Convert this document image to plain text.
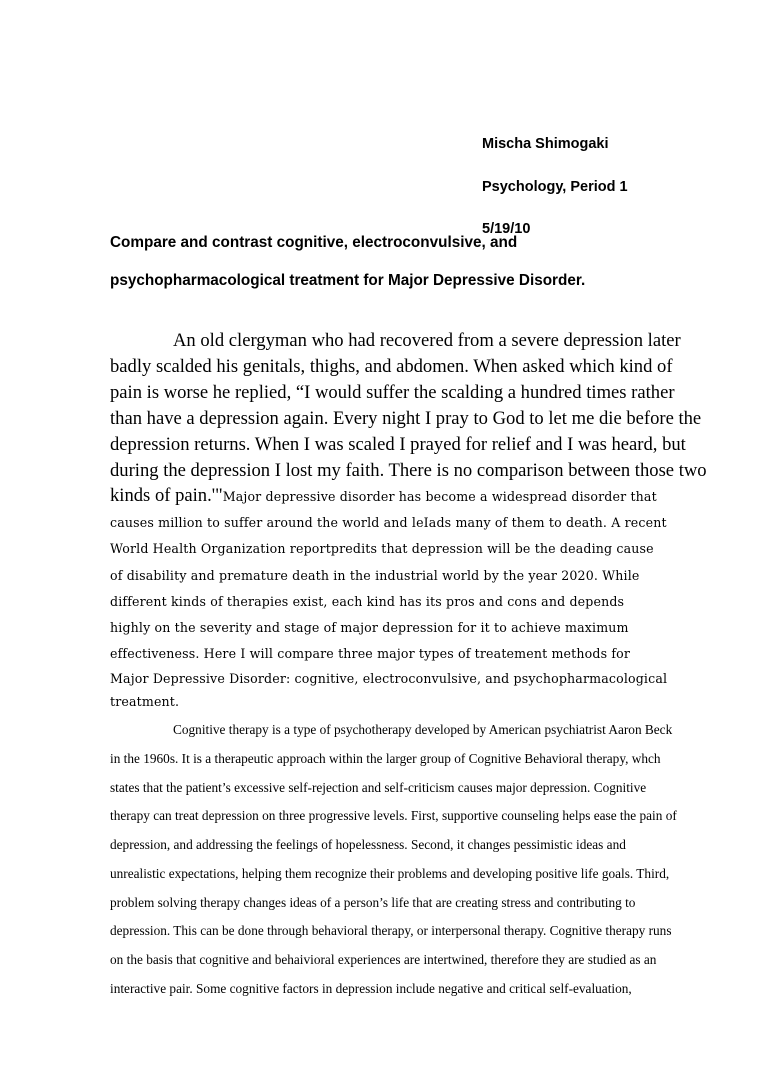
Mischa Shimogaki
Psychology, Period 1
5/19/10
Compare and contrast cognitive, electroconvulsive, and
psychopharmacological treatment for Major Depressive Disorder.
An old clergyman who had recovered from a severe depression later
badly scalded his genitals, thighs, and abdomen. When asked which kind of
pain is worse he replied, “I would suffer the scalding a hundred times rather
than have a depression again. Every night I pray to God to let me die before the
depression returns. When I was scaled I prayed for relief and I was heard, but
during the depression I lost my faith. There is no comparison between those two
kinds of pain.'"Major depressive disorder has become a widespread disorder that
causes million to suffer around the world and leIads many of them to death. A recent
World Health Organization reportpredits that depression will be the deading cause
of disability and premature death in the industrial world by the year 2020. While
different kinds of therapies exist, each kind has its pros and cons and depends
highly on the severity and stage of major depression for it to achieve maximum
effectiveness. Here I will compare three major types of treatement methods for
Major Depressive Disorder: cognitive, electroconvulsive, and psychopharmacological
treatment.
Cognitive therapy is a type of psychotherapy developed by American psychiatrist Aaron Beck
in the 1960s. It is a therapeutic approach within the larger group of Cognitive Behavioral therapy, whch
states that the patient’s excessive self-rejection and self-criticism causes major depression. Cognitive
therapy can treat depression on three progressive levels. First, supportive counseling helps ease the pain of
depression, and addressing the feelings of hopelessness. Second, it changes pessimistic ideas and
unrealistic expectations, helping them recognize their problems and developing positive life goals. Third,
problem solving therapy changes ideas of a person’s life that are creating stress and contributing to
depression. This can be done through behavioral therapy, or interpersonal therapy. Cognitive therapy runs
on the basis that cognitive and behaivioral experiences are intertwined, therefore they are studied as an
interactive pair. Some cognitive factors in depression include negative and critical self-evaluation,
